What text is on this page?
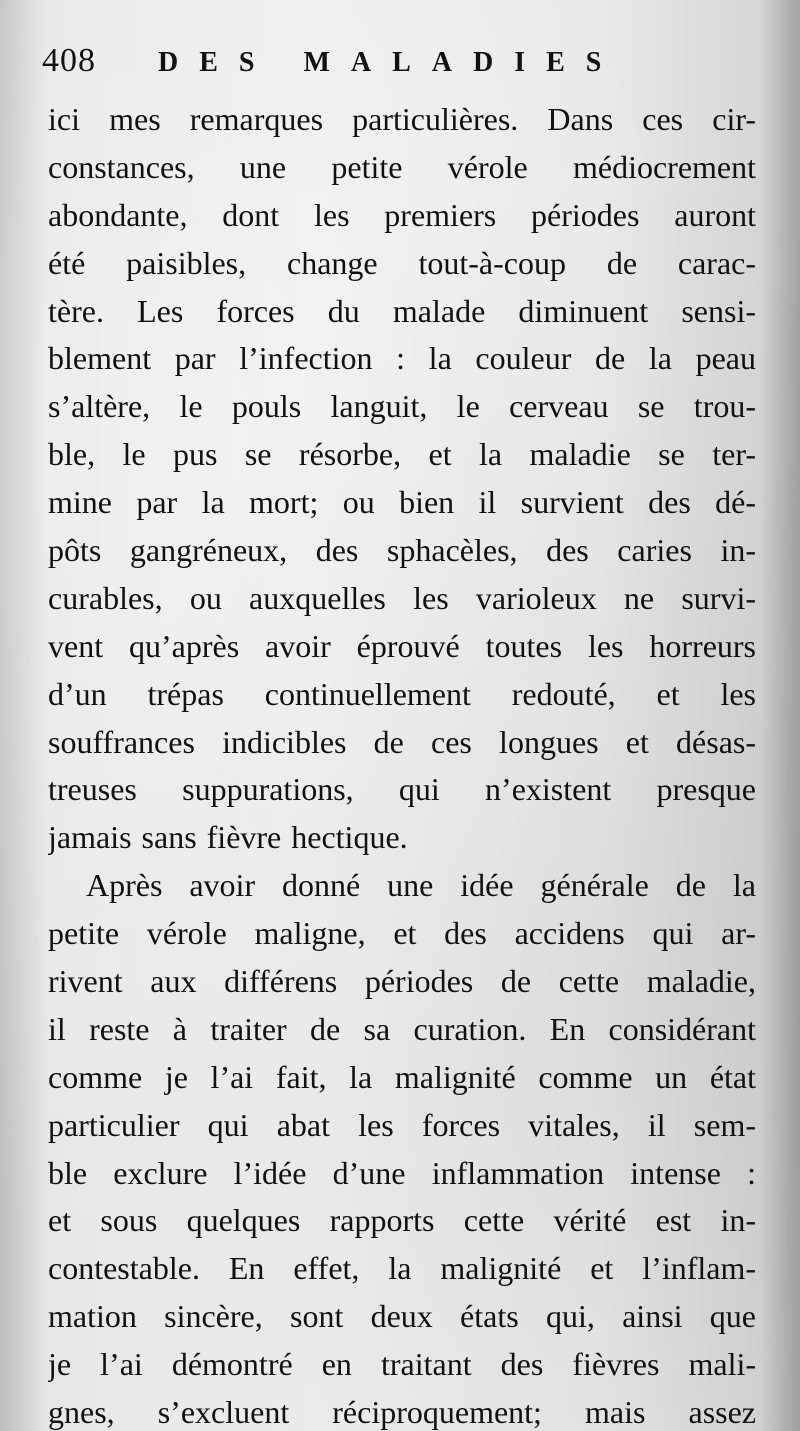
408 DES MALADIES
ici mes remarques particulières. Dans ces cir-
constances, une petite vérole médiocrement
abondante, dont les premiers périodes auront
été paisibles, change tout-à-coup de carac-
tère. Les forces du malade diminuent sensi-
blement par l’infection : la couleur de la peau
s’altère, le pouls languit, le cerveau se trou-
ble, le pus se résorbe, et la maladie se ter-
mine par la mort; ou bien il survient des dé-
pôts gangréneux, des sphacèles, des caries in-
curables, ou auxquelles les varioleux ne survi-
vent qu’après avoir éprouvé toutes les horreurs
d’un trépas continuellement redouté, et les
souffrances indicibles de ces longues et désas-
treuses suppurations, qui n’existent presque
jamais sans fièvre hectique.
Après avoir donné une idée générale de la
petite vérole maligne, et des accidens qui ar-
rivent aux différens périodes de cette maladie,
il reste à traiter de sa curation. En considérant
comme je l’ai fait, la malignité comme un état
particulier qui abat les forces vitales, il sem-
ble exclure l’idée d’une inflammation intense :
et sous quelques rapports cette vérité est in-
contestable. En effet, la malignité et l’inflam-
mation sincère, sont deux états qui, ainsi que
je l’ai démontré en traitant des fièvres mali-
gnes, s’excluent réciproquement; mais assez
